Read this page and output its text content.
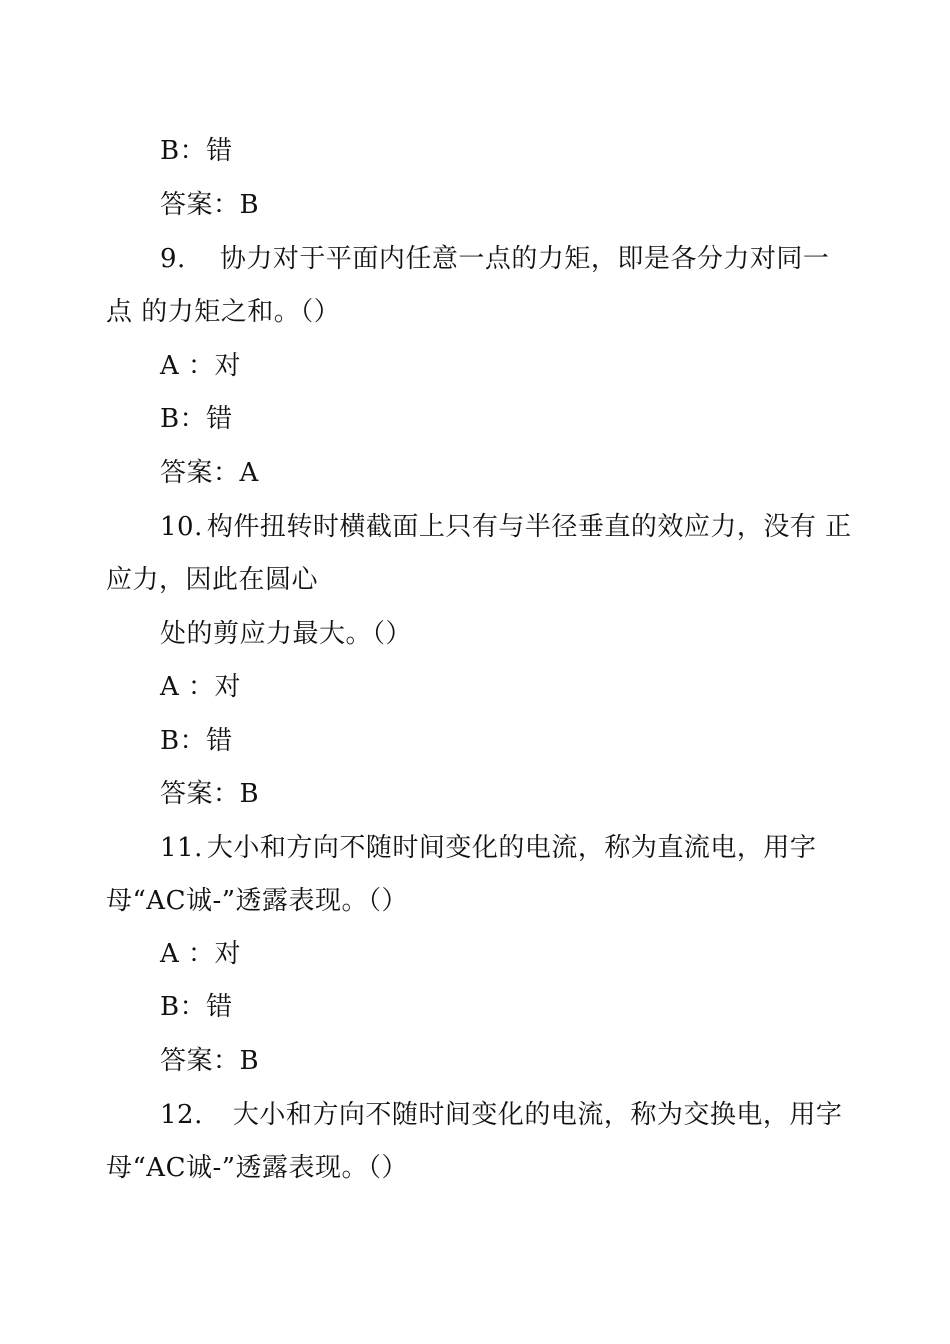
B：错
答案：B
9. 协力对于平面内任意一点的力矩，即是各分力对同一
点 的力矩之和。（）
A ：对
B：错
答案：A
10. 构件扭转时横截面上只有与半径垂直的效应力，没有 正
应力，因此在圆心
处的剪应力最大。（）
A ：对
B：错
答案：B
11. 大小和方向不随时间变化的电流，称为直流电，用字
母“AC诚-”透露表现。（）
A ：对
B：错
答案：B
12. 大小和方向不随时间变化的电流，称为交换电，用字
母“AC诚-”透露表现。（）
